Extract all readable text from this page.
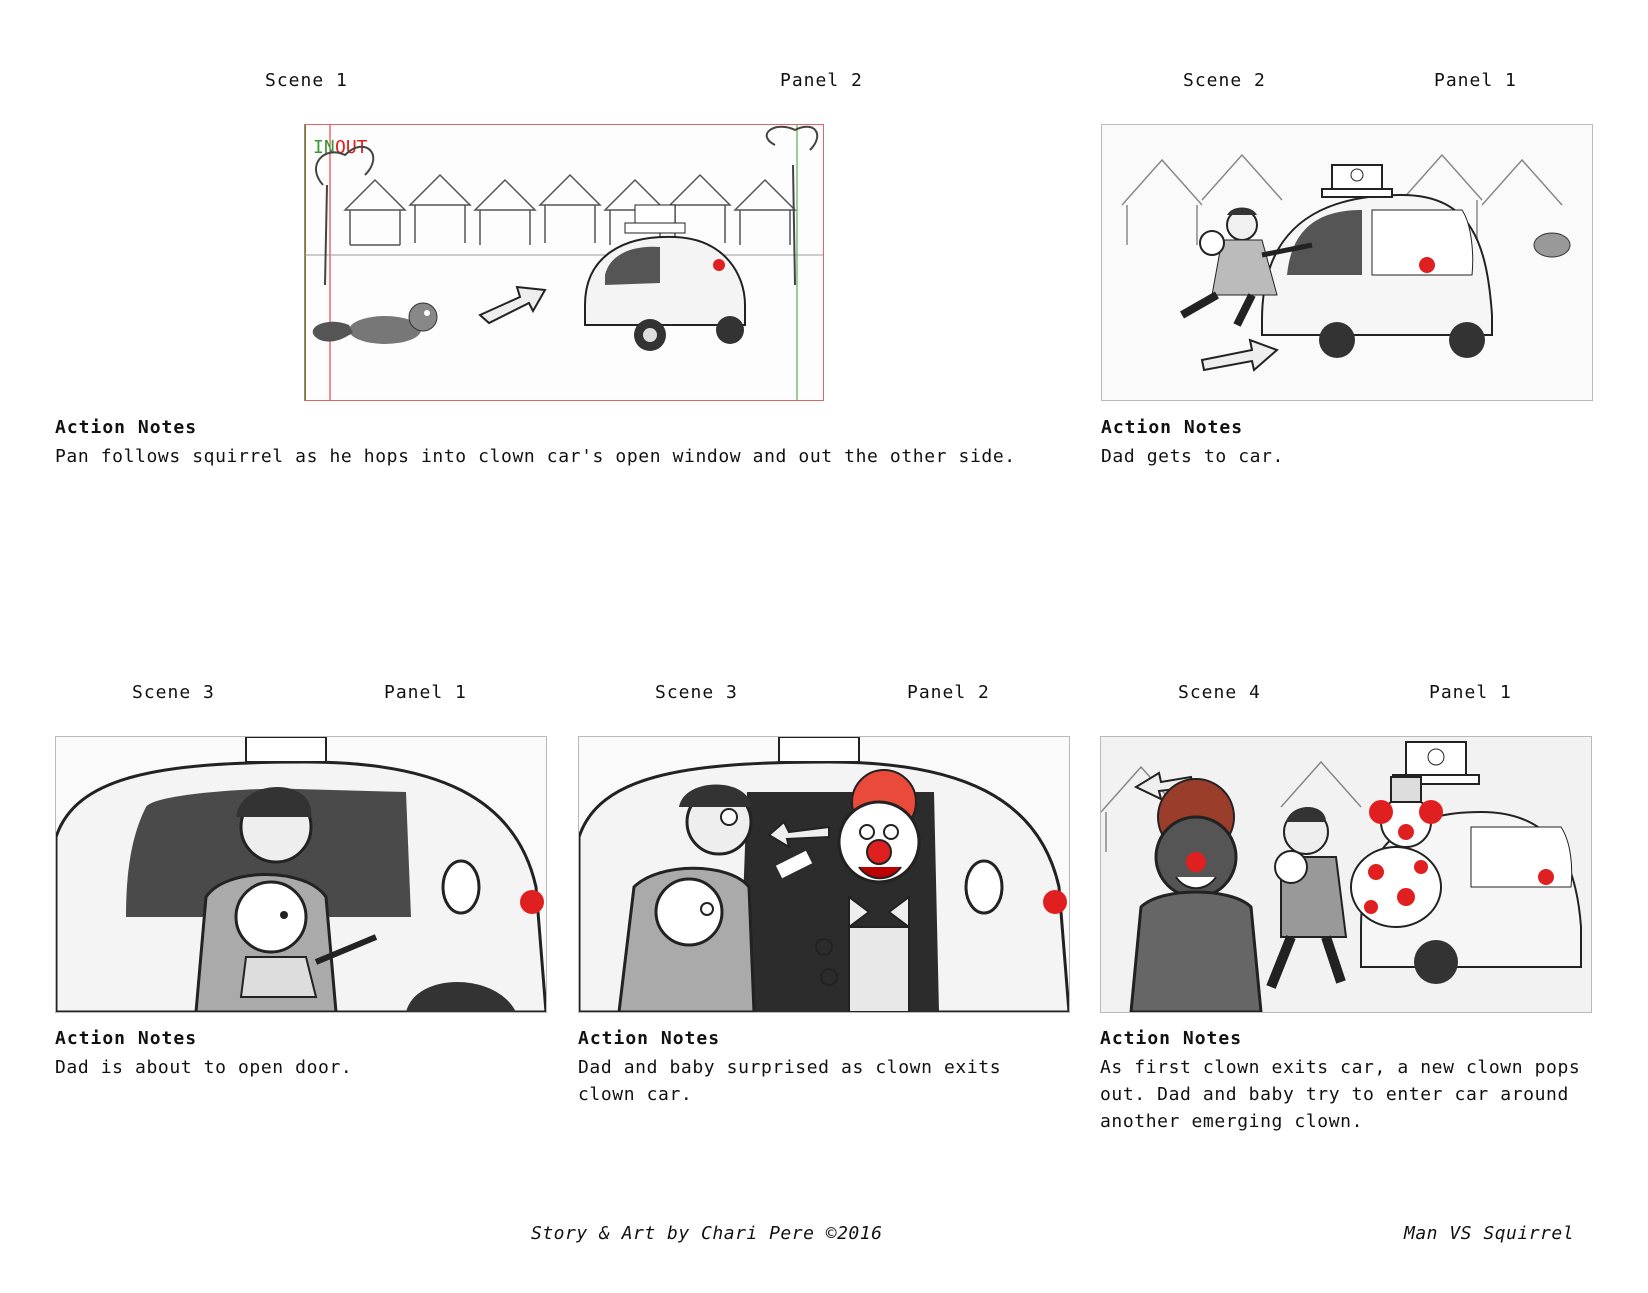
Scene 1	Panel 2	Scene 2	Panel 1
Scene 3	Panel 1	Scene 3	Panel 2	Scene 4	Panel 1
IN OUT
Action Notes
Pan follows squirrel as he hops into clown car's open window and out the other side.
Action Notes
Dad gets to car.
Action Notes
Dad is about to open door.
Action Notes
Dad and baby surprised as clown exits clown car.
Action Notes
As first clown exits car, a new clown pops out. Dad and baby try to enter car around another emerging clown.
Story & Art by Chari Pere ©2016	Man VS Squirrel
